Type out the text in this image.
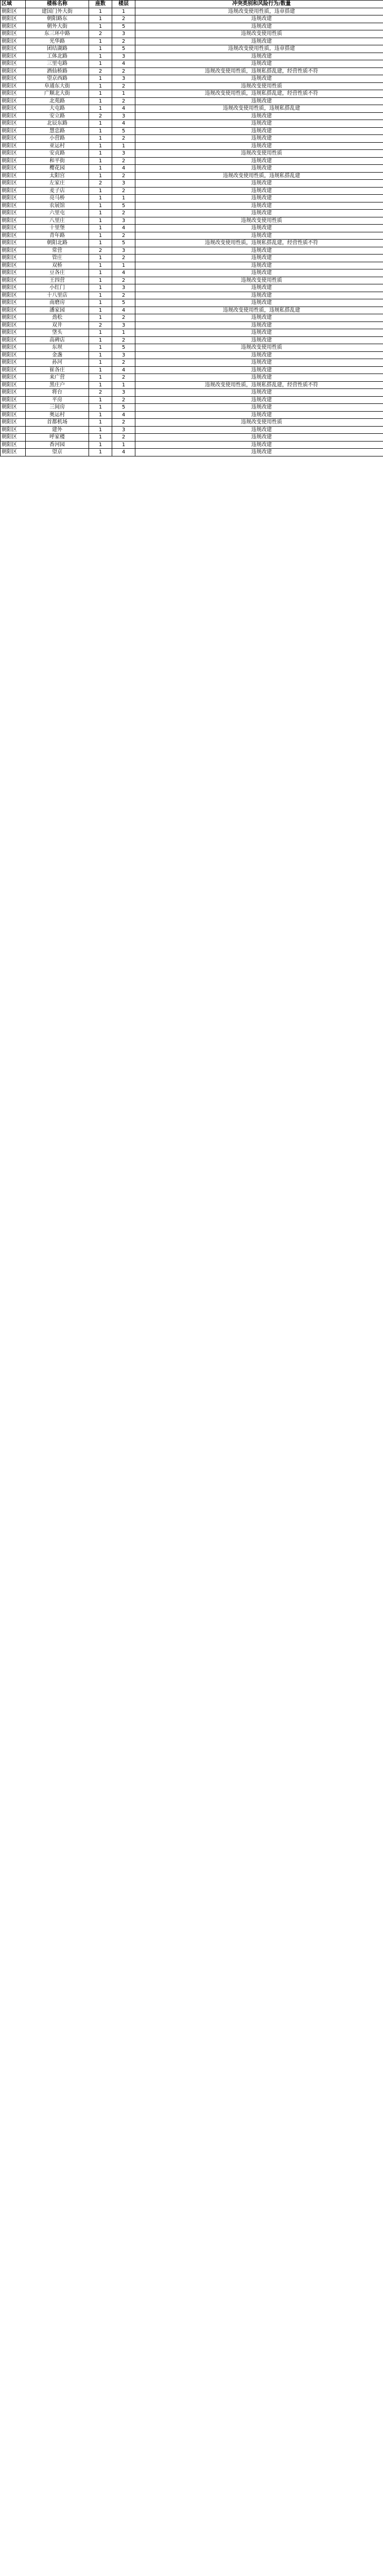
区域	楼栋名称	座数	楼层	冲突类别和风险行为/数量
朝阳区	建国门外大街	1	1	违规改变使用性质，违章搭建
朝阳区	朝阳路东	1	2	违规改建
朝阳区	朝外大街	1	5	违规改建
朝阳区	东三环中路	2	3	违规改变使用性质
朝阳区	光华路	1	2	违规改建
朝阳区	团结湖路	1	5	违规改变使用性质，违章搭建
朝阳区	工体北路	1	3	违规改建
朝阳区	三里屯路	1	4	违规改建
朝阳区	酒仙桥路	2	2	违规改变使用性质，违规私搭乱建，经营性质不符
朝阳区	望京西路	1	3	违规改建
朝阳区	阜通东大街	1	2	违规改变使用性质
朝阳区	广顺北大街	1	1	违规改变使用性质，违规私搭乱建，经营性质不符
朝阳区	北苑路	1	2	违规改建
朝阳区	大屯路	1	4	违规改变使用性质，违规私搭乱建
朝阳区	安立路	2	3	违规改建
朝阳区	北辰东路	1	4	违规改建
朝阳区	慧忠路	1	5	违规改建
朝阳区	小营路	1	2	违规改建
朝阳区	亚运村	1	1	违规改建
朝阳区	安贞路	1	3	违规改变使用性质
朝阳区	和平街	1	2	违规改建
朝阳区	樱花园	1	4	违规改建
朝阳区	太阳宫	1	2	违规改变使用性质，违规私搭乱建
朝阳区	左家庄	2	3	违规改建
朝阳区	麦子店	1	2	违规改建
朝阳区	亮马桥	1	1	违规改建
朝阳区	农展馆	1	5	违规改建
朝阳区	六里屯	1	2	违规改建
朝阳区	八里庄	1	3	违规改变使用性质
朝阳区	十里堡	1	4	违规改建
朝阳区	青年路	1	2	违规改建
朝阳区	朝阳北路	1	5	违规改变使用性质，违规私搭乱建，经营性质不符
朝阳区	常营	2	3	违规改建
朝阳区	管庄	1	2	违规改建
朝阳区	双桥	1	1	违规改建
朝阳区	豆各庄	1	4	违规改建
朝阳区	王四营	1	2	违规改变使用性质
朝阳区	小红门	1	3	违规改建
朝阳区	十八里店	1	2	违规改建
朝阳区	南磨房	1	5	违规改建
朝阳区	潘家园	1	4	违规改变使用性质，违规私搭乱建
朝阳区	劲松	1	2	违规改建
朝阳区	双井	2	3	违规改建
朝阳区	垡头	1	1	违规改建
朝阳区	高碑店	1	2	违规改建
朝阳区	东坝	1	5	违规改变使用性质
朝阳区	金盏	1	3	违规改建
朝阳区	孙河	1	2	违规改建
朝阳区	崔各庄	1	4	违规改建
朝阳区	来广营	1	2	违规改建
朝阳区	黑庄户	1	1	违规改变使用性质，违规私搭乱建，经营性质不符
朝阳区	将台	2	3	违规改建
朝阳区	平房	1	2	违规改建
朝阳区	三间房	1	5	违规改建
朝阳区	奥运村	1	4	违规改建
朝阳区	首都机场	1	2	违规改变使用性质
朝阳区	建外	1	3	违规改建
朝阳区	呼家楼	1	2	违规改建
朝阳区	香河园	1	1	违规改建
朝阳区	望京	1	4	违规改建
